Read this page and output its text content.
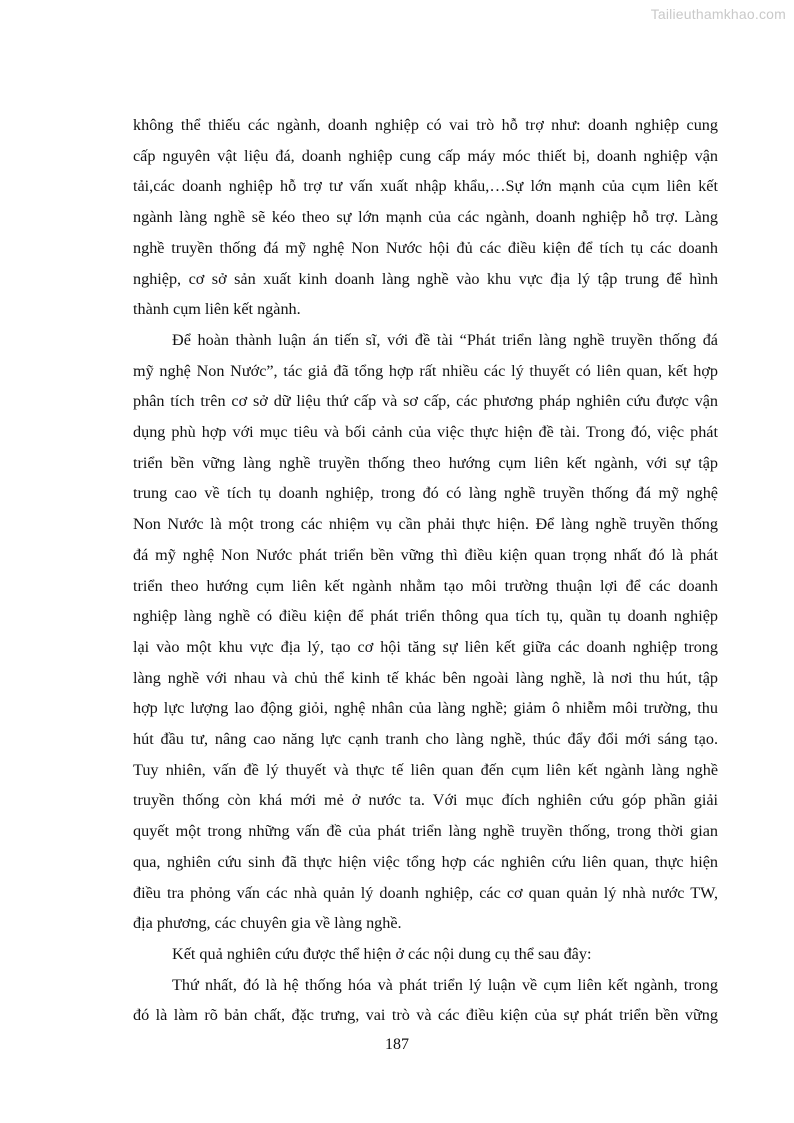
Tailieuthamkhao.com
không thể thiếu các ngành, doanh nghiệp có vai trò hỗ trợ như: doanh nghiệp cung
cấp nguyên vật liệu đá, doanh nghiệp cung cấp máy móc thiết bị, doanh nghiệp vận
tải,các doanh nghiệp hỗ trợ tư vấn xuất nhập khẩu,…Sự lớn mạnh của cụm liên kết
ngành làng nghề sẽ kéo theo sự lớn mạnh của các ngành, doanh nghiệp hỗ trợ. Làng
nghề truyền thống đá mỹ nghệ Non Nước hội đủ các điều kiện để tích tụ các doanh
nghiệp, cơ sở sản xuất kinh doanh làng nghề vào khu vực địa lý tập trung để hình
thành cụm liên kết ngành.
Để hoàn thành luận án tiến sĩ, với đề tài “Phát triển làng nghề truyền thống đá
mỹ nghệ Non Nước”, tác giả đã tổng hợp rất nhiều các lý thuyết có liên quan, kết hợp
phân tích trên cơ sở dữ liệu thứ cấp và sơ cấp, các phương pháp nghiên cứu được vận
dụng phù hợp với mục tiêu và bối cảnh của việc thực hiện đề tài. Trong đó, việc phát
triển bền vững làng nghề truyền thống theo hướng cụm liên kết ngành, với sự tập
trung cao về tích tụ doanh nghiệp, trong đó có làng nghề truyền thống đá mỹ nghệ
Non Nước là một trong các nhiệm vụ cần phải thực hiện. Để làng nghề truyền thống
đá mỹ nghệ Non Nước phát triển bền vững thì điều kiện quan trọng nhất đó là phát
triển theo hướng cụm liên kết ngành nhằm tạo môi trường thuận lợi để các doanh
nghiệp làng nghề có điều kiện để phát triển thông qua tích tụ, quần tụ doanh nghiệp
lại vào một khu vực địa lý, tạo cơ hội tăng sự liên kết giữa các doanh nghiệp trong
làng nghề với nhau và chủ thể kinh tế khác bên ngoài làng nghề, là nơi thu hút, tập
hợp lực lượng lao động giỏi, nghệ nhân của làng nghề; giảm ô nhiễm môi trường, thu
hút đầu tư, nâng cao năng lực cạnh tranh cho làng nghề, thúc đẩy đổi mới sáng tạo.
Tuy nhiên, vấn đề lý thuyết và thực tế liên quan đến cụm liên kết ngành làng nghề
truyền thống còn khá mới mẻ ở nước ta. Với mục đích nghiên cứu góp phần giải
quyết một trong những vấn đề của phát triển làng nghề truyền thống, trong thời gian
qua, nghiên cứu sinh đã thực hiện việc tổng hợp các nghiên cứu liên quan, thực hiện
điều tra phỏng vấn các nhà quản lý doanh nghiệp, các cơ quan quản lý nhà nước TW,
địa phương, các chuyên gia về làng nghề.
Kết quả nghiên cứu được thể hiện ở các nội dung cụ thể sau đây:
Thứ nhất, đó là hệ thống hóa và phát triển lý luận về cụm liên kết ngành, trong
đó là làm rõ bản chất, đặc trưng, vai trò và các điều kiện của sự phát triển bền vững
187
